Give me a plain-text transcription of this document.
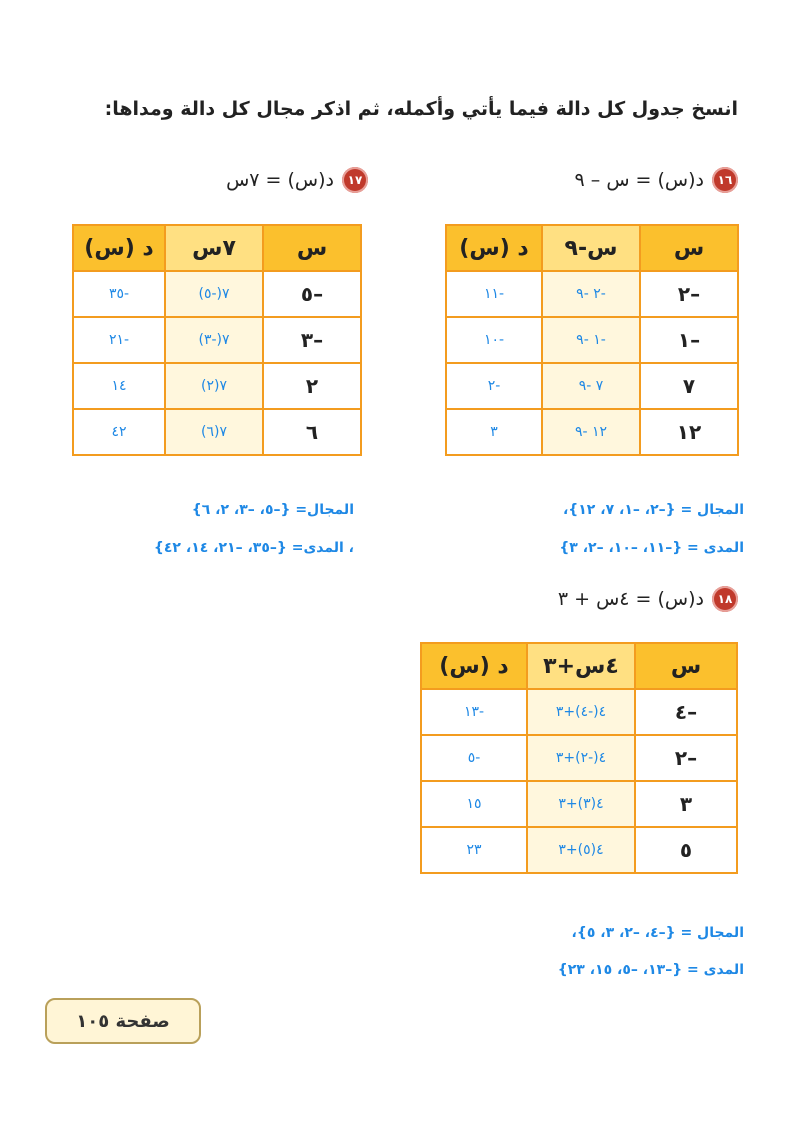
انسخ جدول كل دالة فيما يأتي وأكمله، ثم اذكر مجال كل دالة ومداها:
١٦
د(س) = س – ٩
س	س-٩	د (س)
–٢	-٢ -٩	-١١
–١	-١ -٩	-١٠
٧	٧ -٩	-٢
١٢	١٢ -٩	٣
المجال = {–٢، –١، ٧، ١٢}،
المدى = {–١١، –١٠، –٢، ٣}
١٧
د(س) = ٧س
س	٧س	د (س)
–٥	٧(-٥)	-٣٥
–٣	٧(-٣)	-٢١
٢	٧(٢)	١٤
٦	٧(٦)	٤٢
المجال= {–٥، –٣، ٢، ٦}
، المدى= {–٣٥، –٢١، ١٤، ٤٢}
١٨
د(س) = ٤س + ٣
س	٤س+٣	د (س)
–٤	٤(-٤)+٣	-١٣
–٢	٤(-٢)+٣	-٥
٣	٤(٣)+٣	١٥
٥	٤(٥)+٣	٢٣
المجال = {–٤، –٢، ٣، ٥}،
المدى = {–١٣، –٥، ١٥، ٢٣}
صفحة ١٠٥
